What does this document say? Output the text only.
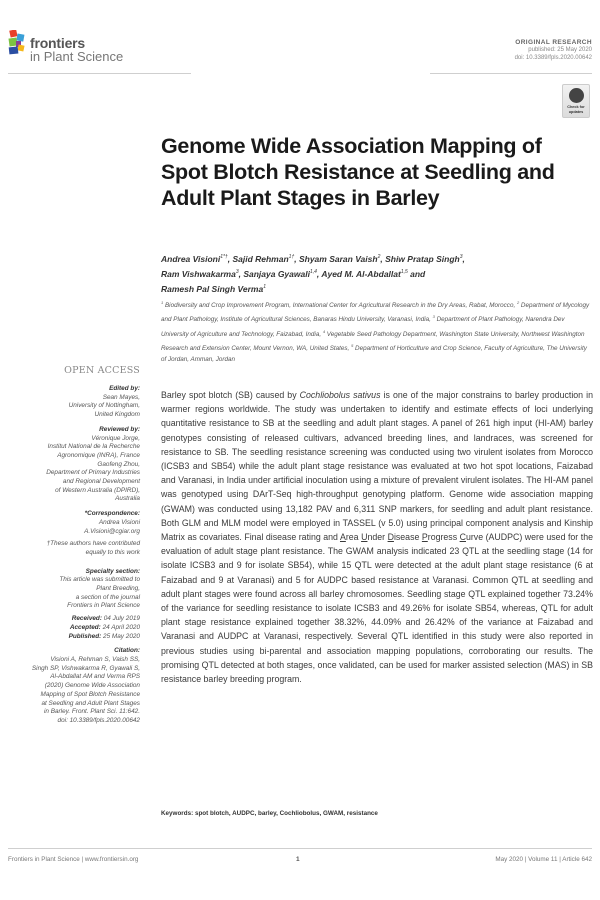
frontiers
in Plant Science
ORIGINAL RESEARCH
published: 25 May 2020
doi: 10.3389/fpls.2020.00642
Check for updates
Genome Wide Association Mapping of Spot Blotch Resistance at Seedling and Adult Plant Stages in Barley
Andrea Visioni$^{1*\dagger}$, Sajid Rehman$^{1\dagger}$, Shyam Saran Vaish$^2$, Shiw Pratap Singh$^3$,
Ram Vishwakarma$^3$, Sanjaya Gyawali$^{1,4}$, Ayed M. Al-Abdallat$^{1,5}$ and
Ramesh Pal Singh Verma$^1$
$^1$ Biodiversity and Crop Improvement Program, International Center for Agricultural Research in the Dry Areas, Rabat, Morocco, $^2$ Department of Mycology and Plant Pathology, Institute of Agricultural Sciences, Banaras Hindu University, Varanasi, India, $^3$ Department of Plant Pathology, Narendra Dev University of Agriculture and Technology, Faizabad, India, $^4$ Vegetable Seed Pathology Department, Washington State University, Northwest Washington Research and Extension Center, Mount Vernon, WA, United States, $^5$ Department of Horticulture and Crop Science, Faculty of Agriculture, The University of Jordan, Amman, Jordan
OPEN ACCESS
Edited by:
Sean Mayes,
University of Nottingham,
United Kingdom
Reviewed by:
Véronique Jorge,
Institut National de la Recherche
Agronomique (INRA), France
Gaofeng Zhou,
Department of Primary Industries
and Regional Development
of Western Australia (DPIRD),
Australia
*Correspondence:
Andrea Visioni
A.Visioni@cgiar.org
†These authors have contributed
equally to this work
Specialty section:
This article was submitted to
Plant Breeding,
a section of the journal
Frontiers in Plant Science
Received: 04 July 2019
Accepted: 24 April 2020
Published: 25 May 2020
Citation:
Visioni A, Rehman S, Vaish SS,
Singh SP, Vishwakarma R, Gyawali S,
Al-Abdallat AM and Verma RPS
(2020) Genome Wide Association
Mapping of Spot Blotch Resistance
at Seedling and Adult Plant Stages
in Barley. Front. Plant Sci. 11:642.
doi: 10.3389/fpls.2020.00642
Barley spot blotch (SB) caused by Cochliobolus sativus is one of the major constrains to barley production in warmer regions worldwide. The study was undertaken to identify and estimate effects of loci underlying quantitative resistance to SB at the seedling and adult plant stages. A panel of 261 high input (HI-AM) barley genotypes consisting of released cultivars, advanced breeding lines, and landraces, was screened for resistance to SB. The seedling resistance screening was conducted using two virulent isolates from Morocco (ICSB3 and SB54) while the adult plant stage resistance was evaluated at two hot spot locations, Faizabad and Varanasi, in India under artificial inoculation using a mixture of prevalent virulent isolates. The HI-AM panel was genotyped using DArT-Seq high-throughput genotyping platform. Genome wide association mapping (GWAM) was conducted using 13,182 PAV and 6,311 SNP markers, for seedling and adult plant resistance. Both GLM and MLM model were employed in TASSEL (v 5.0) using principal component analysis and Kinship Matrix as covariates. Final disease rating and Area Under Disease Progress Curve (AUDPC) were used for the evaluation of adult stage plant resistance. The GWAM analysis indicated 23 QTL at the seedling stage (14 for isolate ICSB3 and 9 for isolate SB54), while 15 QTL were detected at the adult plant stage resistance (6 at Faizabad and 9 at Varanasi) and 5 for AUDPC based resistance at Varanasi. Common QTL at seedling and adult plant stages were found across all barley chromosomes. Seedling stage QTL explained together 73.24% of the variance for seedling resistance to isolate ICSB3 and 49.26% for isolate SB54, whereas, QTL for adult plant stage resistance explained together 38.32%, 44.09% and 26.42% of the variance at Faizabad and Varanasi and AUDPC at Varanasi, respectively. Several QTL identified in this study were also reported in previous studies using bi-parental and association mapping populations, corroborating our results. The promising QTL detected at both stages, once validated, can be used for marker assisted selection (MAS) in SB resistance barley breeding program.
Keywords: spot blotch, AUDPC, barley, Cochliobolus, GWAM, resistance
Frontiers in Plant Science | www.frontiersin.org	1	May 2020 | Volume 11 | Article 642
